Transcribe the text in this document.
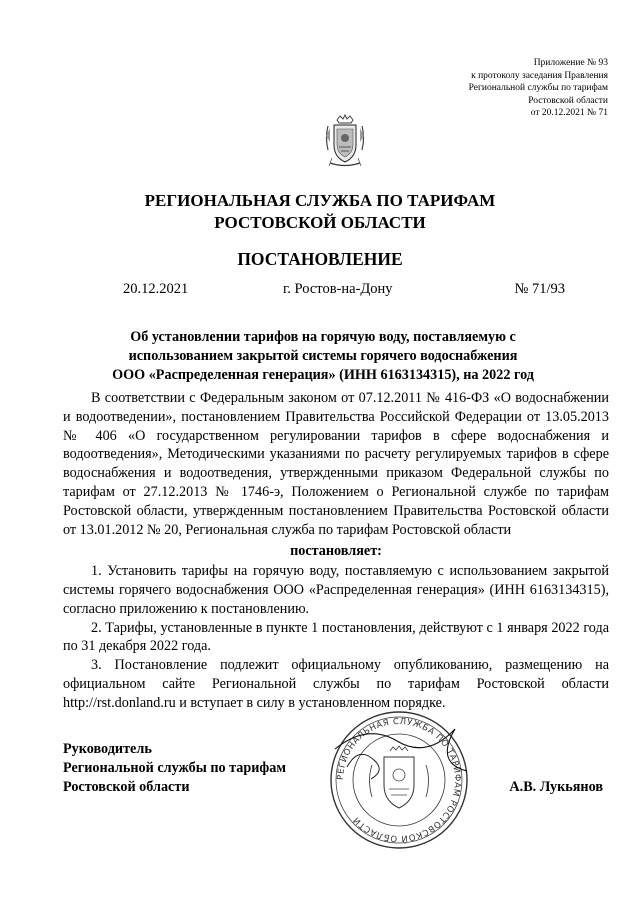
Приложение № 93
к протоколу заседания Правления
Региональной службы по тарифам
Ростовской области
от 20.12.2021 № 71
РЕГИОНАЛЬНАЯ СЛУЖБА ПО ТАРИФАМ
РОСТОВСКОЙ ОБЛАСТИ
ПОСТАНОВЛЕНИЕ
20.12.2021	г. Ростов-на-Дону	№ 71/93
Об установлении тарифов на горячую воду, поставляемую с
использованием закрытой системы горячего водоснабжения
ООО «Распределенная генерация» (ИНН 6163134315), на 2022 год

В соответствии с Федеральным законом от 07.12.2011 № 416-ФЗ «О водоснабжении и водоотведении», постановлением Правительства Российской Федерации от 13.05.2013 № 406 «О государственном регулировании тарифов в сфере водоснабжения и водоотведения», Методическими указаниями по расчету регулируемых тарифов в сфере водоснабжения и водоотведения, утвержденными приказом Федеральной службы по тарифам от 27.12.2013 № 1746-э, Положением о Региональной службе по тарифам Ростовской области, утвержденным постановлением Правительства Ростовской области от 13.01.2012 № 20, Региональная служба по тарифам Ростовской области

постановляет:

1. Установить тарифы на горячую воду, поставляемую с использованием закрытой системы горячего водоснабжения ООО «Распределенная генерация» (ИНН 6163134315), согласно приложению к постановлению.

2. Тарифы, установленные в пункте 1 постановления, действуют с 1 января 2022 года по 31 декабря 2022 года.

3. Постановление подлежит официальному опубликованию, размещению на официальном сайте Региональной службы по тарифам Ростовской области http://rst.donland.ru и вступает в силу в установленном порядке.

РЕГИОНАЛЬНАЯ СЛУЖБА ПО ТАРИФАМ РОСТОВСКОЙ ОБЛАСТИ
Руководитель
Региональной службы по тарифам
Ростовской области	А.В. Лукьянов
